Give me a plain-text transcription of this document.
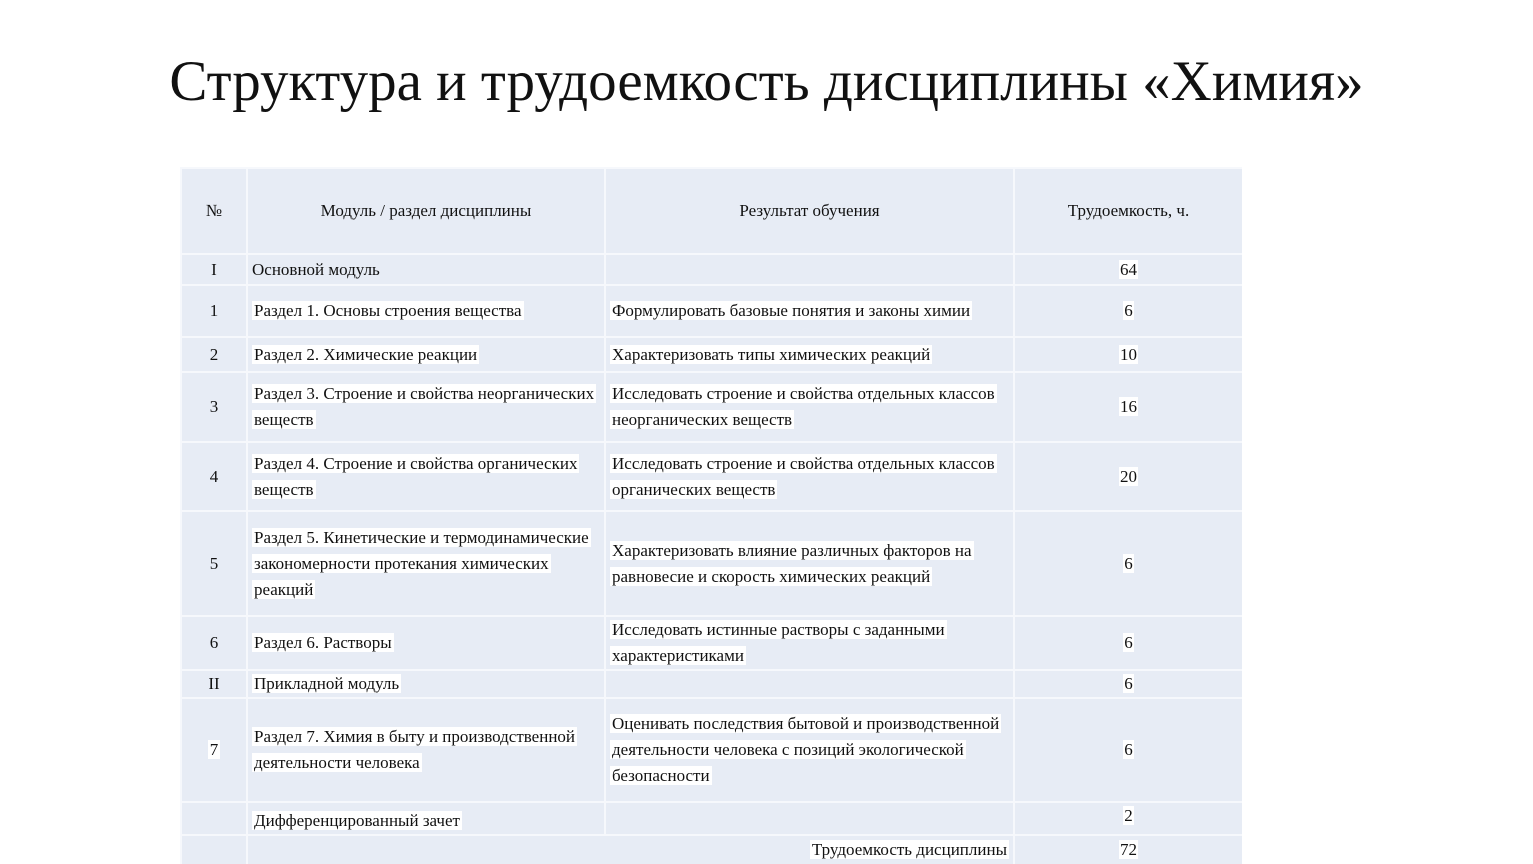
Структура и трудоемкость дисциплины «Химия»
№	Модуль / раздел дисциплины	Результат обучения	Трудоемкость, ч.
I	Основной модуль		64
1	Раздел 1. Основы строения вещества	Формулировать базовые понятия и законы химии	6
2	Раздел 2. Химические реакции	Характеризовать типы химических реакций	10
3	Раздел 3. Строение и свойства неорганических веществ	Исследовать строение и свойства отдельных классов неорганических веществ	16
4	Раздел 4. Строение и свойства органических веществ	Исследовать строение и свойства отдельных классов органических веществ	20
5	Раздел 5. Кинетические и термодинамические закономерности протекания химических реакций	Характеризовать влияние различных факторов на равновесие и скорость химических реакций	6
6	Раздел 6. Растворы	Исследовать истинные растворы с заданными характеристиками	6
II	Прикладной модуль		6
7	Раздел 7. Химия в быту и производственной деятельности человека	Оценивать последствия бытовой и производственной деятельности человека с позиций экологической безопасности	6
	Дифференцированный зачет		2
	Трудоемкость дисциплины		72
